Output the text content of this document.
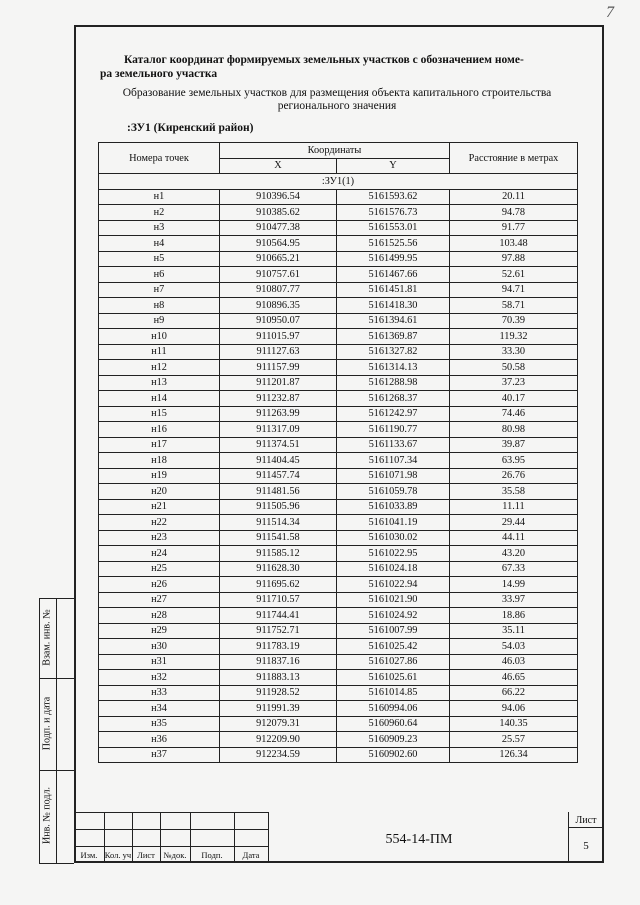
7
Каталог координат формируемых земельных участков с обозначением номе-
ра земельного участка
Образование земельных участков для размещения объекта капитального строительства регионального значения
:ЗУ1 (Киренский район)
Номера точек	Координаты		Расстояние в метрах
	X	Y	
:ЗУ1(1)			
н1	910396.54	5161593.62	20.11
н2	910385.62	5161576.73	94.78
н3	910477.38	5161553.01	91.77
н4	910564.95	5161525.56	103.48
н5	910665.21	5161499.95	97.88
н6	910757.61	5161467.66	52.61
н7	910807.77	5161451.81	94.71
н8	910896.35	5161418.30	58.71
н9	910950.07	5161394.61	70.39
н10	911015.97	5161369.87	119.32
н11	911127.63	5161327.82	33.30
н12	911157.99	5161314.13	50.58
н13	911201.87	5161288.98	37.23
н14	911232.87	5161268.37	40.17
н15	911263.99	5161242.97	74.46
н16	911317.09	5161190.77	80.98
н17	911374.51	5161133.67	39.87
н18	911404.45	5161107.34	63.95
н19	911457.74	5161071.98	26.76
н20	911481.56	5161059.78	35.58
н21	911505.96	5161033.89	11.11
н22	911514.34	5161041.19	29.44
н23	911541.58	5161030.02	44.11
н24	911585.12	5161022.95	43.20
н25	911628.30	5161024.18	67.33
н26	911695.62	5161022.94	14.99
н27	911710.57	5161021.90	33.97
н28	911744.41	5161024.92	18.86
н29	911752.71	5161007.99	35.11
н30	911783.19	5161025.42	54.03
н31	911837.16	5161027.86	46.03
н32	911883.13	5161025.61	46.65
н33	911928.52	5161014.85	66.22
н34	911991.39	5160994.06	94.06
н35	912079.31	5160960.64	140.35
н36	912209.90	5160909.23	25.57
н37	912234.59	5160902.60	126.34
Взам. инв. №
Подп. и дата
Инв. № подл.
Изм. Кол. уч Лист	№док.	Подп.	Дата
554-14-ПМ
Лист
5
